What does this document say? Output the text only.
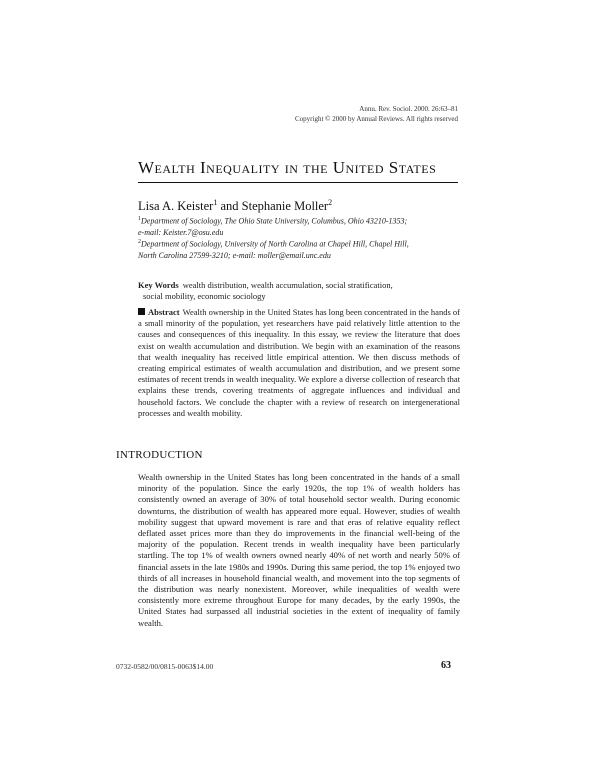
Annu. Rev. Sociol. 2000. 26:63–81
Copyright © 2000 by Annual Reviews. All rights reserved
Wealth Inequality in the United States
Lisa A. Keister$^1$ and Stephanie Moller$^2$
$^1$Department of Sociology, The Ohio State University, Columbus, Ohio 43210-1353;
e-mail: Keister.7@osu.edu
$^2$Department of Sociology, University of North Carolina at Chapel Hill, Chapel Hill,
North Carolina 27599-3210; e-mail: moller@email.unc.edu
Key Words wealth distribution, wealth accumulation, social stratification,
social mobility, economic sociology
Abstract Wealth ownership in the United States has long been concentrated in the hands of a small minority of the population, yet researchers have paid relatively little attention to the causes and consequences of this inequality. In this essay, we review the literature that does exist on wealth accumulation and distribution. We begin with an examination of the reasons that wealth inequality has received little empirical attention. We then discuss methods of creating empirical estimates of wealth accumulation and distribution, and we present some estimates of recent trends in wealth inequality. We explore a diverse collection of research that explains these trends, covering treatments of aggregate influences and individual and household factors. We conclude the chapter with a review of research on intergenerational processes and wealth mobility.
INTRODUCTION
Wealth ownership in the United States has long been concentrated in the hands of a small minority of the population. Since the early 1920s, the top 1% of wealth holders has consistently owned an average of 30% of total household sector wealth. During economic downturns, the distribution of wealth has appeared more equal. However, studies of wealth mobility suggest that upward movement is rare and that eras of relative equality reflect deflated asset prices more than they do improvements in the financial well-being of the majority of the population. Recent trends in wealth inequality have been particularly startling. The top 1% of wealth owners owned nearly 40% of net worth and nearly 50% of financial assets in the late 1980s and 1990s. During this same period, the top 1% enjoyed two thirds of all increases in household financial wealth, and movement into the top segments of the distribution was nearly nonexistent. Moreover, while inequalities of wealth were consistently more extreme throughout Europe for many decades, by the early 1990s, the United States had surpassed all industrial societies in the extent of inequality of family wealth.
0732-0582/00/0815-0063$14.00	63
